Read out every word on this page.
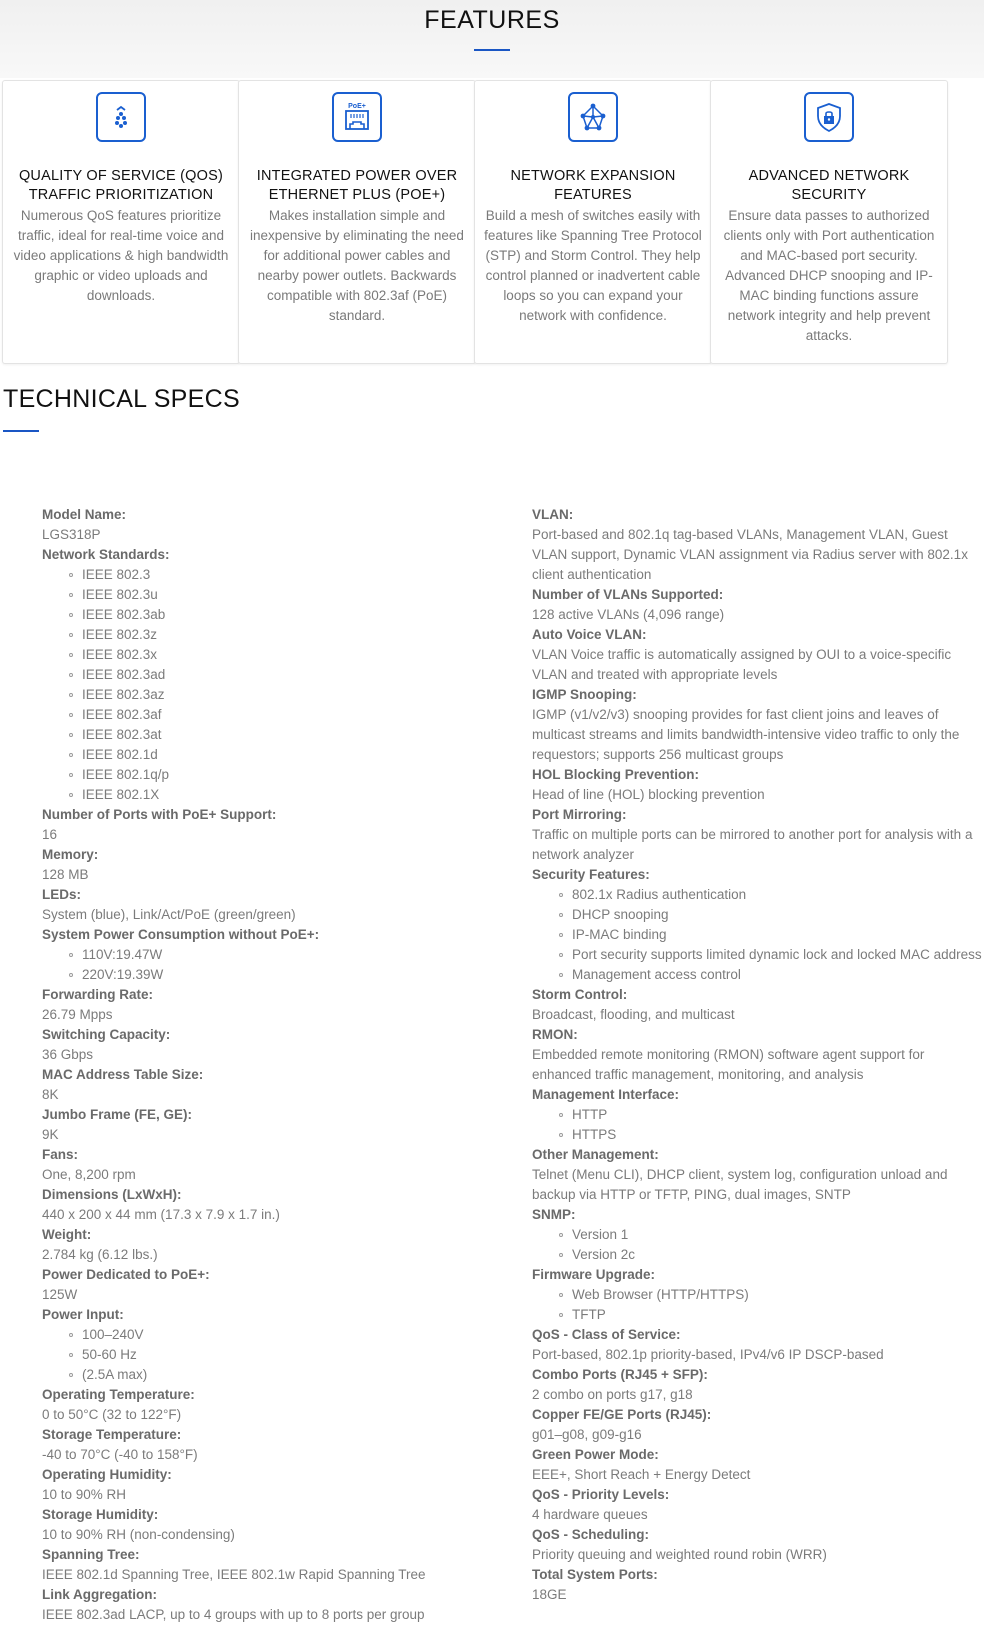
FEATURES
QUALITY OF SERVICE (QOS) TRAFFIC PRIORITIZATION

Numerous QoS features prioritize traffic, ideal for real-time voice and video applications & high bandwidth graphic or video uploads and downloads.

PoE+
INTEGRATED POWER OVER ETHERNET PLUS (POE+)

Makes installation simple and inexpensive by eliminating the need for additional power cables and nearby power outlets. Backwards compatible with 802.3af (PoE) standard.

NETWORK EXPANSION FEATURES

Build a mesh of switches easily with features like Spanning Tree Protocol (STP) and Storm Control. They help control planned or inadvertent cable loops so you can expand your network with confidence.

ADVANCED NETWORK SECURITY

Ensure data passes to authorized clients only with Port authentication and MAC-based port security. Advanced DHCP snooping and IP-MAC binding functions assure network integrity and help prevent attacks.

TECHNICAL SPECS
Model Name:
LGS318P
Network Standards:
IEEE 802.3
IEEE 802.3u
IEEE 802.3ab
IEEE 802.3z
IEEE 802.3x
IEEE 802.3ad
IEEE 802.3az
IEEE 802.3af
IEEE 802.3at
IEEE 802.1d
IEEE 802.1q/p
IEEE 802.1X
Number of Ports with PoE+ Support:
16
Memory:
128 MB
LEDs:
System (blue), Link/Act/PoE (green/green)
System Power Consumption without PoE+:
110V:19.47W
220V:19.39W
Forwarding Rate:
26.79 Mpps
Switching Capacity:
36 Gbps
MAC Address Table Size:
8K
Jumbo Frame (FE, GE):
9K
Fans:
One, 8,200 rpm
Dimensions (LxWxH):
440 x 200 x 44 mm (17.3 x 7.9 x 1.7 in.)
Weight:
2.784 kg (6.12 lbs.)
Power Dedicated to PoE+:
125W
Power Input:
100–240V
50-60 Hz
(2.5A max)
Operating Temperature:
0 to 50°C (32 to 122°F)
Storage Temperature:
-40 to 70°C (-40 to 158°F)
Operating Humidity:
10 to 90% RH
Storage Humidity:
10 to 90% RH (non-condensing)
Spanning Tree:
IEEE 802.1d Spanning Tree, IEEE 802.1w Rapid Spanning Tree
Link Aggregation:
IEEE 802.3ad LACP, up to 4 groups with up to 8 ports per group
VLAN:
Port-based and 802.1q tag-based VLANs, Management VLAN, Guest VLAN support, Dynamic VLAN assignment via Radius server with 802.1x client authentication
Number of VLANs Supported:
128 active VLANs (4,096 range)
Auto Voice VLAN:
VLAN Voice traffic is automatically assigned by OUI to a voice-specific VLAN and treated with appropriate levels
IGMP Snooping:
IGMP (v1/v2/v3) snooping provides for fast client joins and leaves of multicast streams and limits bandwidth-intensive video traffic to only the requestors; supports 256 multicast groups
HOL Blocking Prevention:
Head of line (HOL) blocking prevention
Port Mirroring:
Traffic on multiple ports can be mirrored to another port for analysis with a network analyzer
Security Features:
802.1x Radius authentication
DHCP snooping
IP-MAC binding
Port security supports limited dynamic lock and locked MAC address
Management access control
Storm Control:
Broadcast, flooding, and multicast
RMON:
Embedded remote monitoring (RMON) software agent support for enhanced traffic management, monitoring, and analysis
Management Interface:
HTTP
HTTPS
Other Management:
Telnet (Menu CLI), DHCP client, system log, configuration unload and backup via HTTP or TFTP, PING, dual images, SNTP
SNMP:
Version 1
Version 2c
Firmware Upgrade:
Web Browser (HTTP/HTTPS)
TFTP
QoS - Class of Service:
Port-based, 802.1p priority-based, IPv4/v6 IP DSCP-based
Combo Ports (RJ45 + SFP):
2 combo on ports g17, g18
Copper FE/GE Ports (RJ45):
g01–g08, g09-g16
Green Power Mode:
EEE+, Short Reach + Energy Detect
QoS - Priority Levels:
4 hardware queues
QoS - Scheduling:
Priority queuing and weighted round robin (WRR)
Total System Ports:
18GE
